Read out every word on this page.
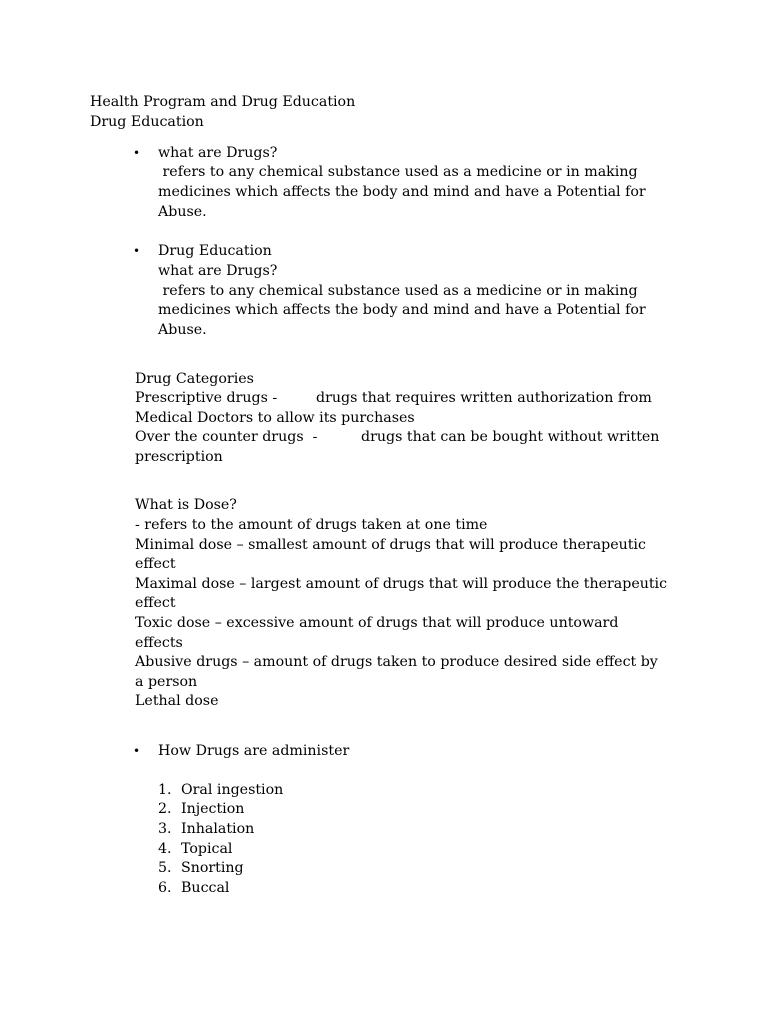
Health Program and Drug Education

Drug Education

• what are Drugs?

refers to any chemical substance used as a medicine or in making

medicines which affects the body and mind and have a Potential for

Abuse.

• Drug Education

what are Drugs?

refers to any chemical substance used as a medicine or in making

medicines which affects the body and mind and have a Potential for

Abuse.

Drug Categories

Prescriptive drugs -	drugs that requires written authorization from

Medical Doctors to allow its purchases

Over the counter drugs  -	drugs that can be bought without written

prescription

What is Dose?

- refers to the amount of drugs taken at one time

Minimal dose – smallest amount of drugs that will produce therapeutic

effect

Maximal dose – largest amount of drugs that will produce the therapeutic

effect

Toxic dose – excessive amount of drugs that will produce untoward

effects

Abusive drugs – amount of drugs taken to produce desired side effect by

a person

Lethal dose

• How Drugs are administer

1. Oral ingestion
2. Injection
3. Inhalation
4. Topical
5. Snorting
6. Buccal
